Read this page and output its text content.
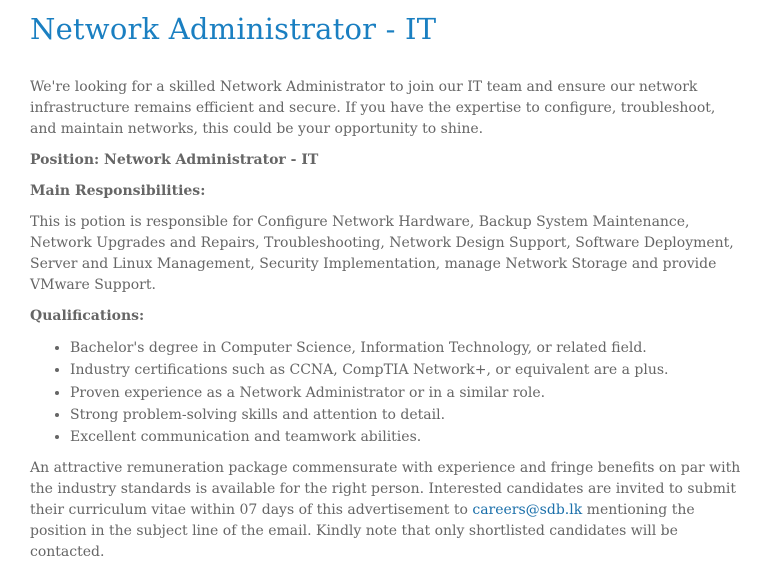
Network Administrator - IT

We're looking for a skilled Network Administrator to join our IT team and ensure our network infrastructure remains efficient and secure. If you have the expertise to configure, troubleshoot, and maintain networks, this could be your opportunity to shine.

Position: Network Administrator - IT

Main Responsibilities:

This is potion is responsible for Configure Network Hardware, Backup System Maintenance, Network Upgrades and Repairs, Troubleshooting, Network Design Support, Software Deployment, Server and Linux Management, Security Implementation, manage Network Storage and provide VMware Support.

Qualifications:

• Bachelor's degree in Computer Science, Information Technology, or related field.
• Industry certifications such as CCNA, CompTIA Network+, or equivalent are a plus.
• Proven experience as a Network Administrator or in a similar role.
• Strong problem-solving skills and attention to detail.
• Excellent communication and teamwork abilities.

An attractive remuneration package commensurate with experience and fringe benefits on par with the industry standards is available for the right person. Interested candidates are invited to submit their curriculum vitae within 07 days of this advertisement to careers@sdb.lk mentioning the position in the subject line of the email. Kindly note that only shortlisted candidates will be contacted.
